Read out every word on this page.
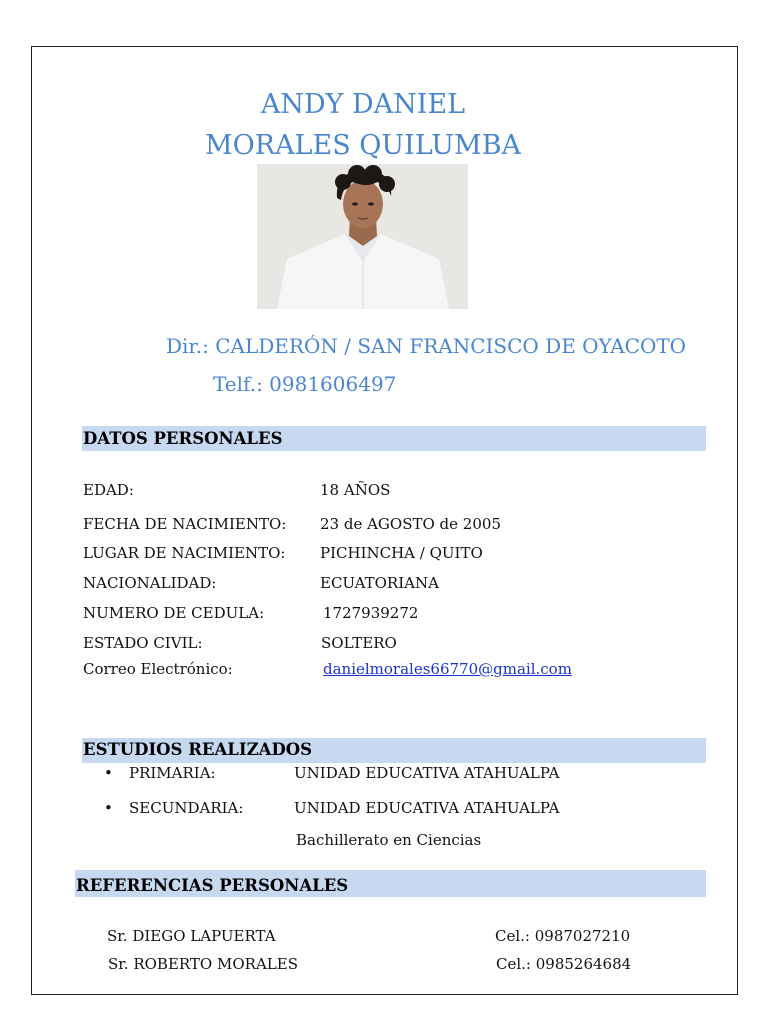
ANDY DANIEL
MORALES QUILUMBA
Dir.: CALDERÓN / SAN FRANCISCO DE OYACOTO
Telf.: 0981606497
DATOS PERSONALES
EDAD:	18 AÑOS
FECHA DE NACIMIENTO: 23 de AGOSTO de 2005
LUGAR DE NACIMIENTO: PICHINCHA / QUITO
NACIONALIDAD:	ECUATORIANA
NUMERO DE CEDULA:	1727939272
ESTADO CIVIL:	SOLTERO
Correo Electrónico:	danielmorales66770@gmail.com
ESTUDIOS REALIZADOS
• PRIMARIA:	UNIDAD EDUCATIVA ATAHUALPA
• SECUNDARIA:	UNIDAD EDUCATIVA ATAHUALPA
Bachillerato en Ciencias
REFERENCIAS PERSONALES
Sr. DIEGO LAPUERTA	Cel.: 0987027210
Sr. ROBERTO MORALES	Cel.: 0985264684
